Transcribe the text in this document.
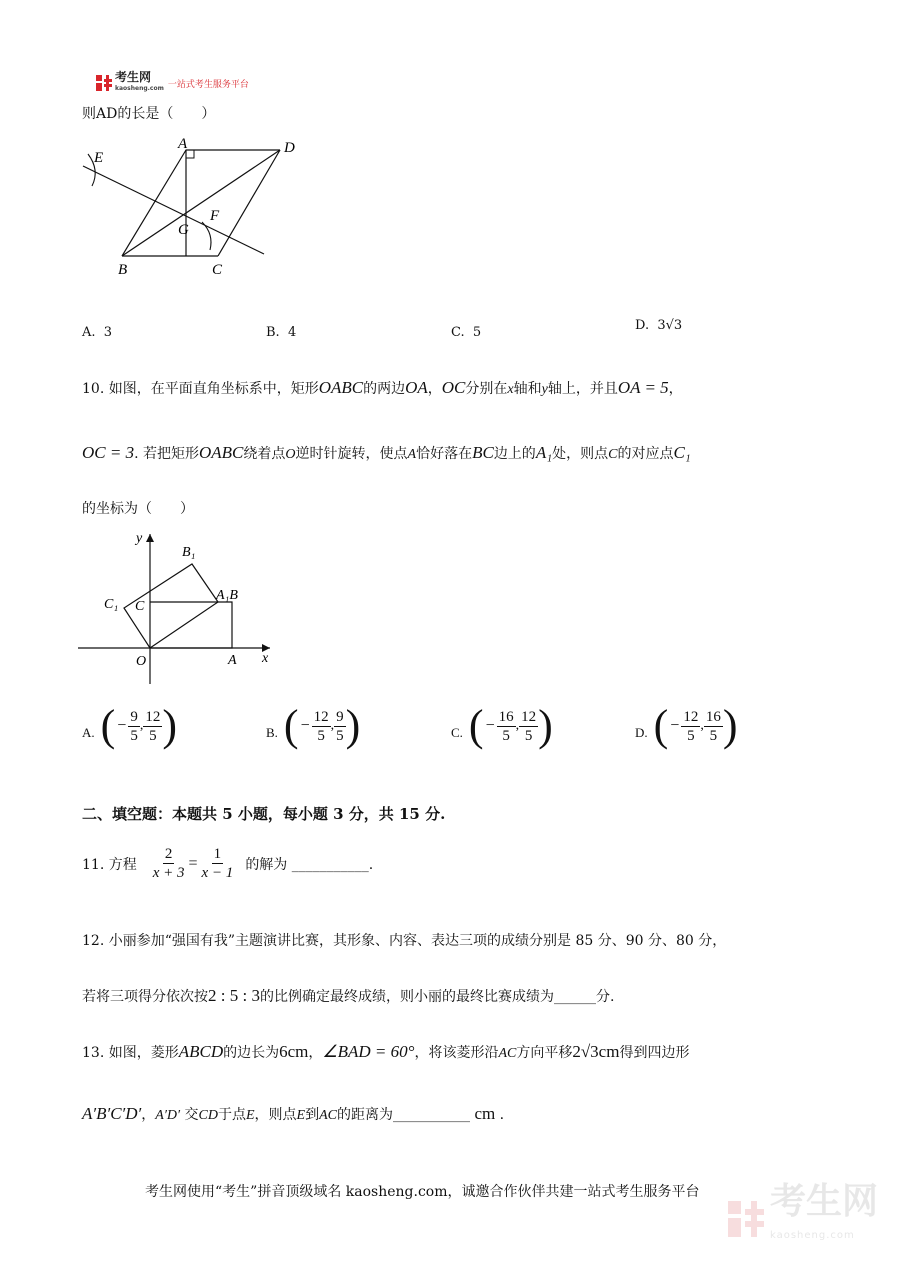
考生网
kaosheng.com 一站式考生服务平台
则AD的长是（　　）
A	D
E
F
G
B	C
A. 3	B. 4	C. 5	D. 3√3
10. 如图，在平面直角坐标系中，矩形OABC的两边OA，OC分别在x轴和y轴上，并且OA = 5，
OC = 3. 若把矩形OABC绕着点O逆时针旋转，使点A恰好落在BC边上的A₁处，则点C的对应点C₁
的坐标为（　　）
y
x
O	A
C
C₁
B₁
A₁B
A. ( − $\frac{9}{5}$ , $\frac{12}{5}$ )	B. ( − $\frac{12}{5}$ , $\frac{9}{5}$ )	C. ( − $\frac{16}{5}$ , $\frac{12}{5}$ )	D. ( − $\frac{12}{5}$ , $\frac{16}{5}$ )
二、填空题：本题共 5 小题，每小题 3 分，共 15 分.
11. 方程 $\frac{2}{x + 3} = \frac{1}{x - 1}$ 的解为 ___________.
12. 小丽参加“强国有我”主题演讲比赛，其形象、内容、表达三项的成绩分别是 85 分、90 分、80 分，
若将三项得分依次按2 : 5 : 3的比例确定最终成绩，则小丽的最终比赛成绩为______分.
13. 如图，菱形ABCD的边长为6cm，∠BAD = 60°，将该菱形沿AC方向平移2√3cm得到四边形
A′B′C′D′，A′D′ 交CD于点E，则点E到AC的距离为___________ cm .
考生网使用“考生”拼音顶级域名 kaosheng.com，诚邀合作伙伴共建一站式考生服务平台 考生网
kaosheng.com
